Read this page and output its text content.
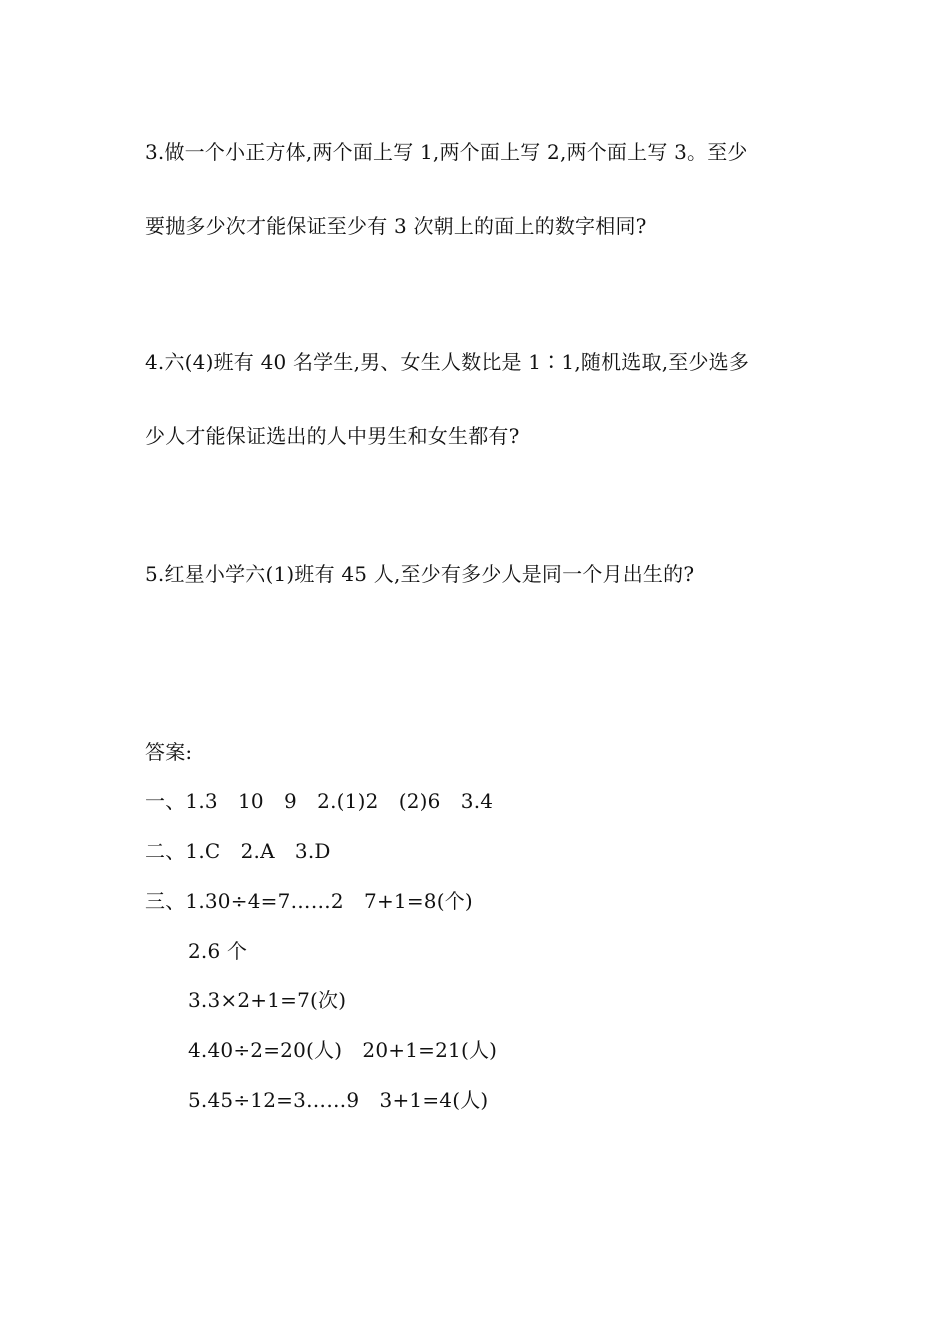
3.做一个小正方体,两个面上写 1,两个面上写 2,两个面上写 3。至少
要抛多少次才能保证至少有 3 次朝上的面上的数字相同?
4.六(4)班有 40 名学生,男、女生人数比是 1∶1,随机选取,至少选多
少人才能保证选出的人中男生和女生都有?
5.红星小学六(1)班有 45 人,至少有多少人是同一个月出生的?
答案:
一、1.3　10　9　2.(1)2　(2)6　3.4
二、1.C　2.A　3.D
三、1.30÷4=7……2　7+1=8(个)
2.6 个
3.3×2+1=7(次)
4.40÷2=20(人)　20+1=21(人)
5.45÷12=3……9　3+1=4(人)
